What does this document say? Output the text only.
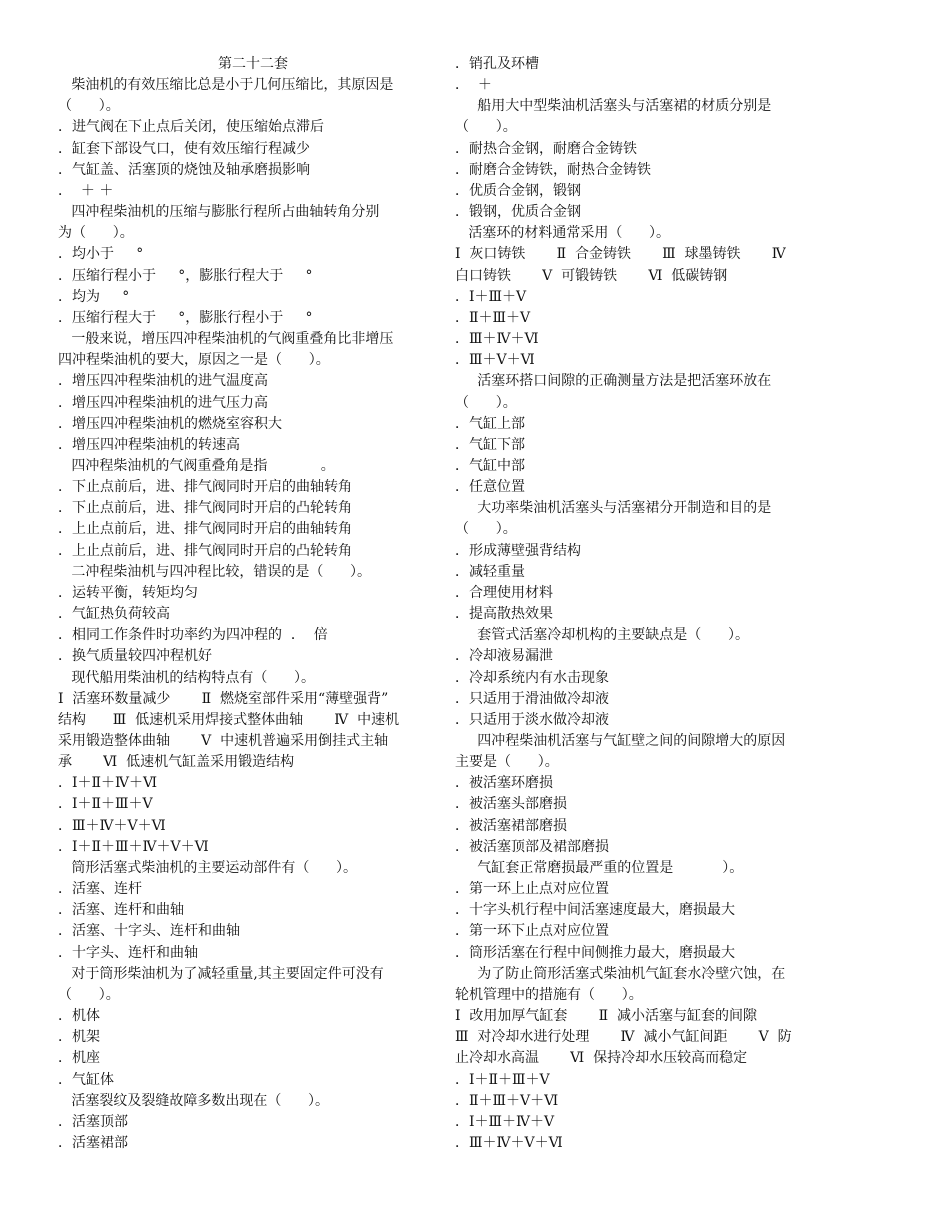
第二十二套

柴油机的有效压缩比总是小于几何压缩比，其原因是

（      ）。

．进气阀在下止点后关闭，使压缩始点滞后

．缸套下部设气口，使有效压缩行程减少

．气缸盖、活塞顶的烧蚀及轴承磨损影响

．  ＋ ＋

四冲程柴油机的压缩与膨胀行程所占曲轴转角分别

为（      ）。

．均小于     °

．压缩行程小于     °，膨胀行程大于     °

．均为     °

．压缩行程大于     °，膨胀行程小于     °

一般来说，增压四冲程柴油机的气阀重叠角比非增压

四冲程柴油机的要大，原因之一是（      ）。

．增压四冲程柴油机的进气温度高

．增压四冲程柴油机的进气压力高

．增压四冲程柴油机的燃烧室容积大

．增压四冲程柴油机的转速高

四冲程柴油机的气阀重叠角是指            。

．下止点前后，进、排气阀同时开启的曲轴转角

．下止点前后，进、排气阀同时开启的凸轮转角

．上止点前后，进、排气阀同时开启的曲轴转角

．上止点前后，进、排气阀同时开启的凸轮转角

二冲程柴油机与四冲程比较，错误的是（      ）。

．运转平衡，转矩均匀

．气缸热负荷较高

．相同工作条件时功率约为四冲程的  ．  倍

．换气质量较四冲程机好

现代船用柴油机的结构特点有（      ）。

Ⅰ  活塞环数量减少       Ⅱ  燃烧室部件采用“薄壁强背”

结构      Ⅲ  低速机采用焊接式整体曲轴       Ⅳ  中速机

采用锻造整体曲轴       Ⅴ  中速机普遍采用倒挂式主轴

承       Ⅵ  低速机气缸盖采用锻造结构

．Ⅰ＋Ⅱ＋Ⅳ＋Ⅵ

．Ⅰ＋Ⅱ＋Ⅲ＋Ⅴ

．Ⅲ＋Ⅳ＋Ⅴ＋Ⅵ

．Ⅰ＋Ⅱ＋Ⅲ＋Ⅳ＋Ⅴ＋Ⅵ

筒形活塞式柴油机的主要运动部件有（      ）。

．活塞、连杆

．活塞、连杆和曲轴

．活塞、十字头、连杆和曲轴

．十字头、连杆和曲轴

对于筒形柴油机为了减轻重量,其主要固定件可没有

（      ）。

．机体

．机架

．机座

．气缸体

活塞裂纹及裂缝故障多数出现在（      ）。

．活塞顶部

．活塞裙部

．销孔及环槽

．  ＋

船用大中型柴油机活塞头与活塞裙的材质分别是

（      ）。

．耐热合金钢，耐磨合金铸铁

．耐磨合金铸铁，耐热合金铸铁

．优质合金钢，锻钢

．锻钢，优质合金钢

活塞环的材料通常采用（      ）。

Ⅰ  灰口铸铁       Ⅱ  合金铸铁       Ⅲ  球墨铸铁       Ⅳ

白口铸铁       Ⅴ  可锻铸铁       Ⅵ  低碳铸钢

．Ⅰ＋Ⅲ＋Ⅴ

．Ⅱ＋Ⅲ＋Ⅴ

．Ⅲ＋Ⅳ＋Ⅵ

．Ⅲ＋Ⅴ＋Ⅵ

活塞环搭口间隙的正确测量方法是把活塞环放在

（      ）。

．气缸上部

．气缸下部

．气缸中部

．任意位置

大功率柴油机活塞头与活塞裙分开制造和目的是

（      ）。

．形成薄壁强背结构

．减轻重量

．合理使用材料

．提高散热效果

套管式活塞冷却机构的主要缺点是（      ）。

．冷却液易漏泄

．冷却系统内有水击现象

．只适用于滑油做冷却液

．只适用于淡水做冷却液

四冲程柴油机活塞与气缸壁之间的间隙增大的原因

主要是（      ）。

．被活塞环磨损

．被活塞头部磨损

．被活塞裙部磨损

．被活塞顶部及裙部磨损

气缸套正常磨损最严重的位置是           ）。

．第一环上止点对应位置

．十字头机行程中间活塞速度最大，磨损最大

．第一环下止点对应位置

．筒形活塞在行程中间侧推力最大，磨损最大

为了防止筒形活塞式柴油机气缸套水冷壁穴蚀，在

轮机管理中的措施有（      ）。

Ⅰ  改用加厚气缸套       Ⅱ  减小活塞与缸套的间隙

Ⅲ  对冷却水进行处理       Ⅳ  减小气缸间距       Ⅴ  防

止冷却水高温       Ⅵ  保持冷却水压较高而稳定

．Ⅰ＋Ⅱ＋Ⅲ＋Ⅴ

．Ⅱ＋Ⅲ＋Ⅴ＋Ⅵ

．Ⅰ＋Ⅲ＋Ⅳ＋Ⅴ

．Ⅲ＋Ⅳ＋Ⅴ＋Ⅵ
